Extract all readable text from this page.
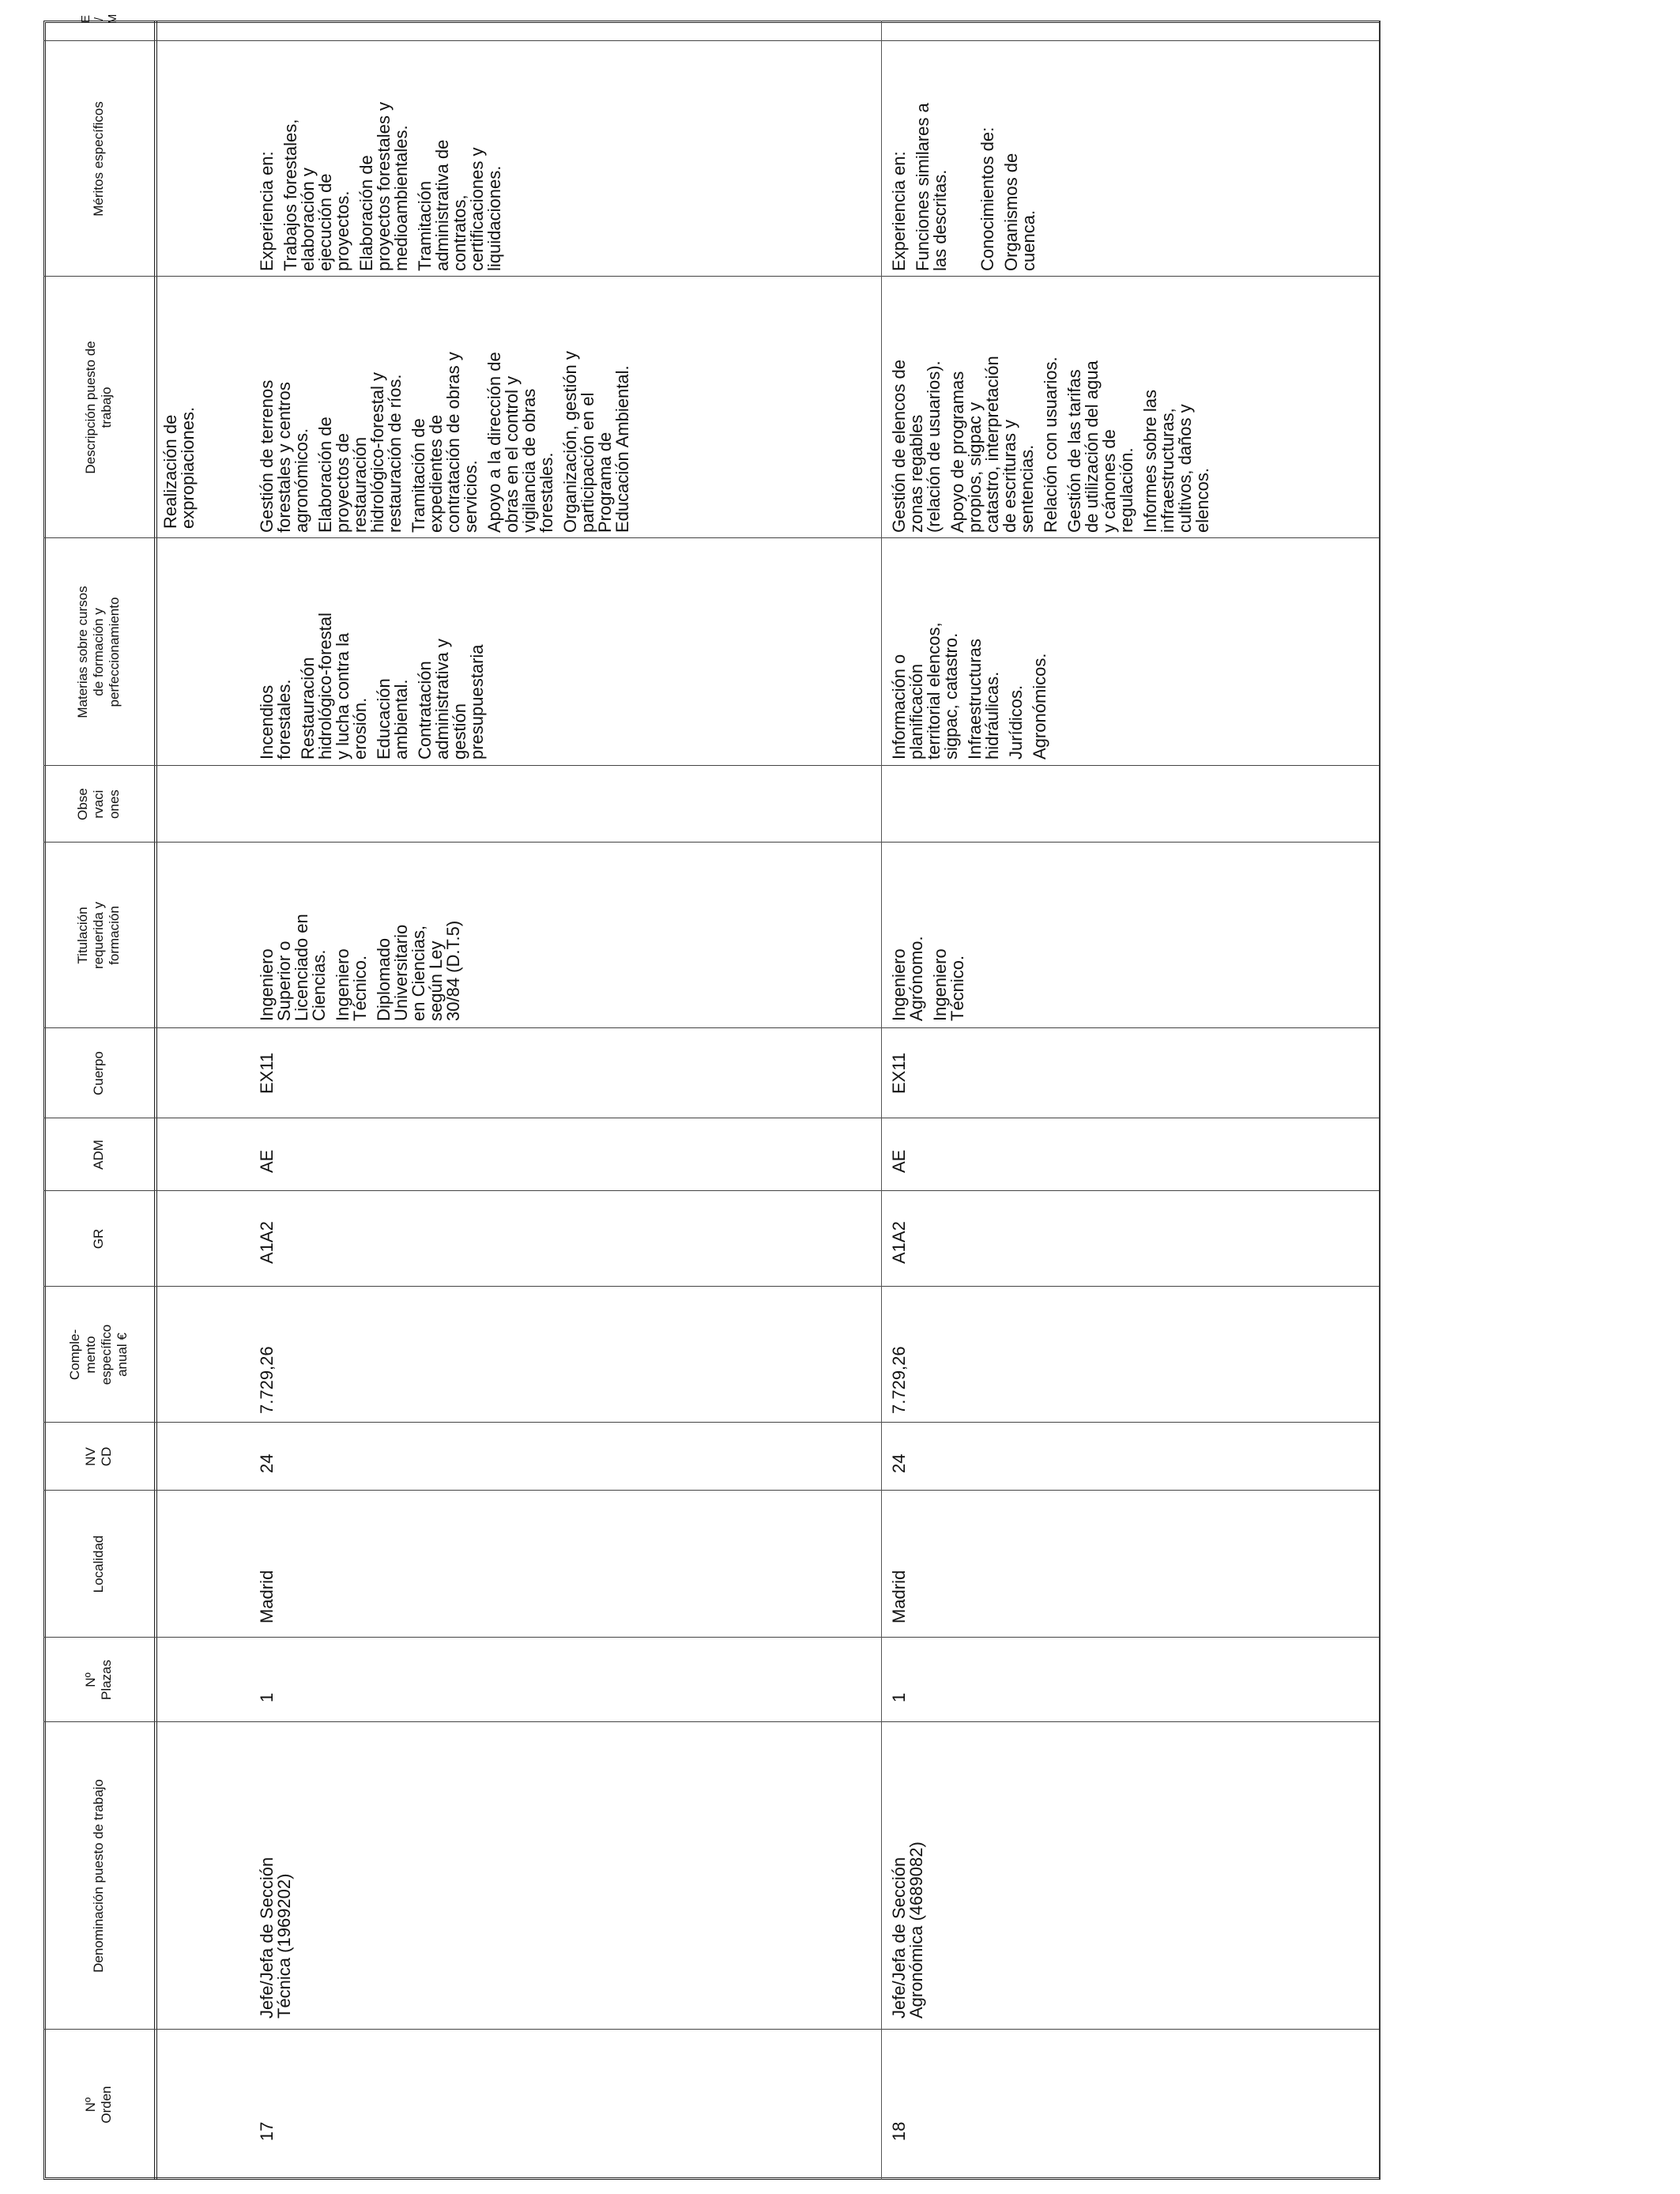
Nº
Orden
Denominación puesto de trabajo
Nº
Plazas
Localidad
NV
CD
Comple-
mento
específico
anual €
GR
ADM
Cuerpo
Titulación
requerida y
formación
Obse
rvaci
ones
Materias sobre cursos
de formación y
perfeccionamiento
Descripción puesto de
trabajo
Méritos específicos
E
/
M

Realización de
expropiaciones.

17
Jefe/Jefa de Sección
Técnica (1969202)
1
Madrid
24
7.729,26
A1A2
AE
EX11

Ingeniero
Superior o
Licenciado en
Ciencias. Ingeniero
Técnico. Diplomado
Universitario
en Ciencias,
según Ley
30/84 (D.T.5)

Incendios
forestales. Restauración
hidrológico-forestal
y lucha contra la
erosión. Educación
ambiental. Contratación
administrativa y
gestión
presupuestaria

Gestión de terrenos
forestales y centros
agronómicos. Elaboración de
proyectos de
restauración
hidrológico-forestal y
restauración de ríos.

Tramitación de
expedientes de
contratación de obras y
servicios. Apoyo a la dirección de
obras en el control y
vigilancia de obras
forestales. Organización, gestión y
participación en el
Programa de
Educación Ambiental.

Experiencia en: Trabajos forestales,
elaboración y
ejecución de
proyectos. Elaboración de
proyectos forestales y
medioambientales. Tramitación
administrativa de
contratos,
certificaciones y
liquidaciones.

18
Jefe/Jefa de Sección
Agronómica (4689082)
1
Madrid
24
7.729,26
A1A2
AE
EX11

Ingeniero
Agrónomo. Ingeniero
Técnico.

Información o
planificación
territorial elencos,
sigpac, catastro. Infraestructuras
hidráulicas. Jurídicos. Agronómicos.

Gestión de elencos de
zonas regables
(relación de usuarios).

Apoyo de programas
propios, sigpac y
catastro, interpretación
de escrituras y
sentencias. Relación con usuarios. Gestión de las tarifas
de utilización del agua
y cánones de
regulación. Informes sobre las
infraestructuras,
cultivos, daños y
elencos.

Experiencia en: Funciones similares a
las descritas. Conocimientos de: Organismos de
cuenca.
